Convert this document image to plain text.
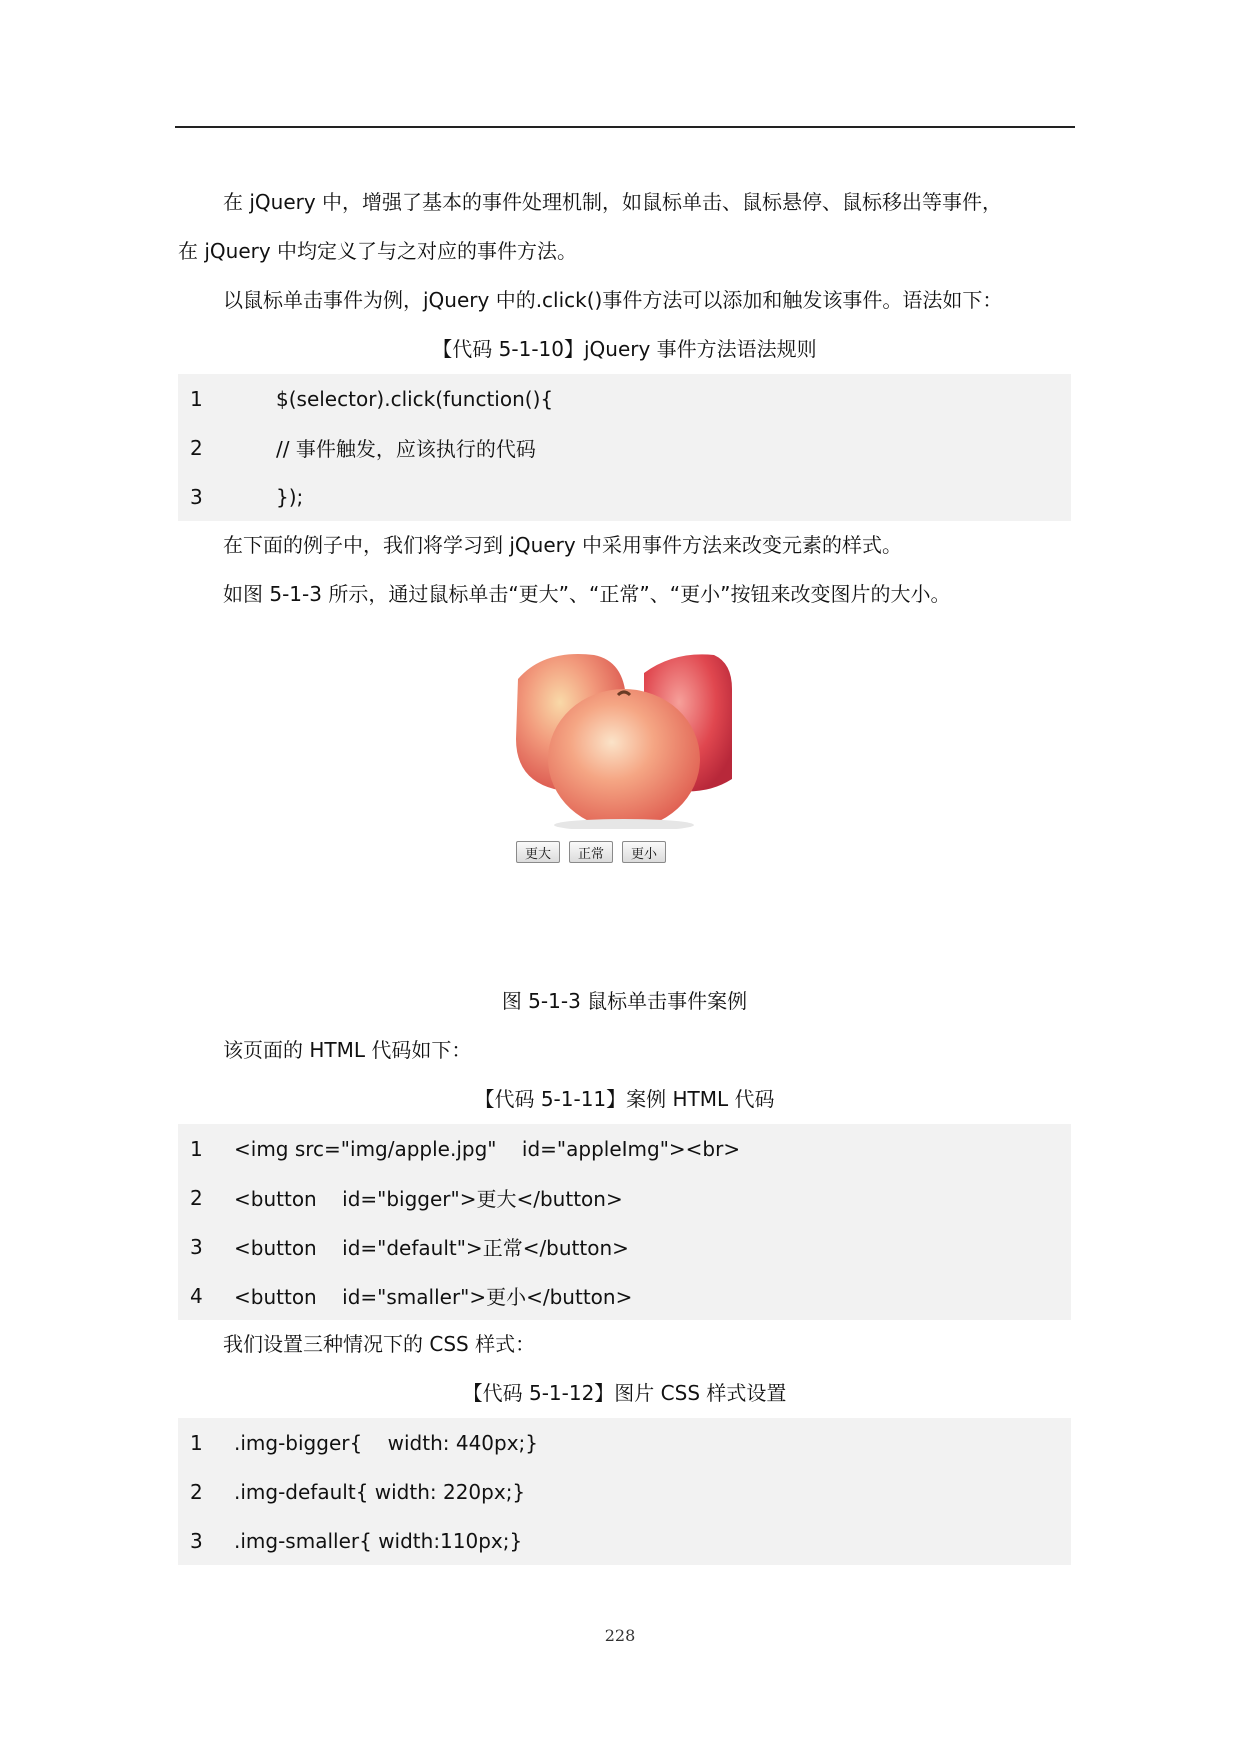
在 jQuery 中，增强了基本的事件处理机制，如鼠标单击、鼠标悬停、鼠标移出等事件，

在 jQuery 中均定义了与之对应的事件方法。

以鼠标单击事件为例，jQuery 中的.click()事件方法可以添加和触发该事件。语法如下：

【代码 5-1-10】jQuery 事件方法语法规则

1	$(selector).click(function(){
2	// 事件触发，应该执行的代码
3	});

在下面的例子中，我们将学习到 jQuery 中采用事件方法来改变元素的样式。

如图 5-1-3 所示，通过鼠标单击“更大”、“正常”、“更小”按钮来改变图片的大小。

更大	正常	更小

图 5-1-3 鼠标单击事件案例

该页面的 HTML 代码如下：

【代码 5-1-11】案例 HTML 代码

1	<img src="img/apple.jpg"    id="appleImg"><br>
2	<button    id="bigger">更大</button>
3	<button    id="default">正常</button>
4	<button    id="smaller">更小</button>

我们设置三种情况下的 CSS 样式：

【代码 5-1-12】图片 CSS 样式设置

1	.img-bigger{    width: 440px;}
2	.img-default{ width: 220px;}
3	.img-smaller{ width:110px;}
228
